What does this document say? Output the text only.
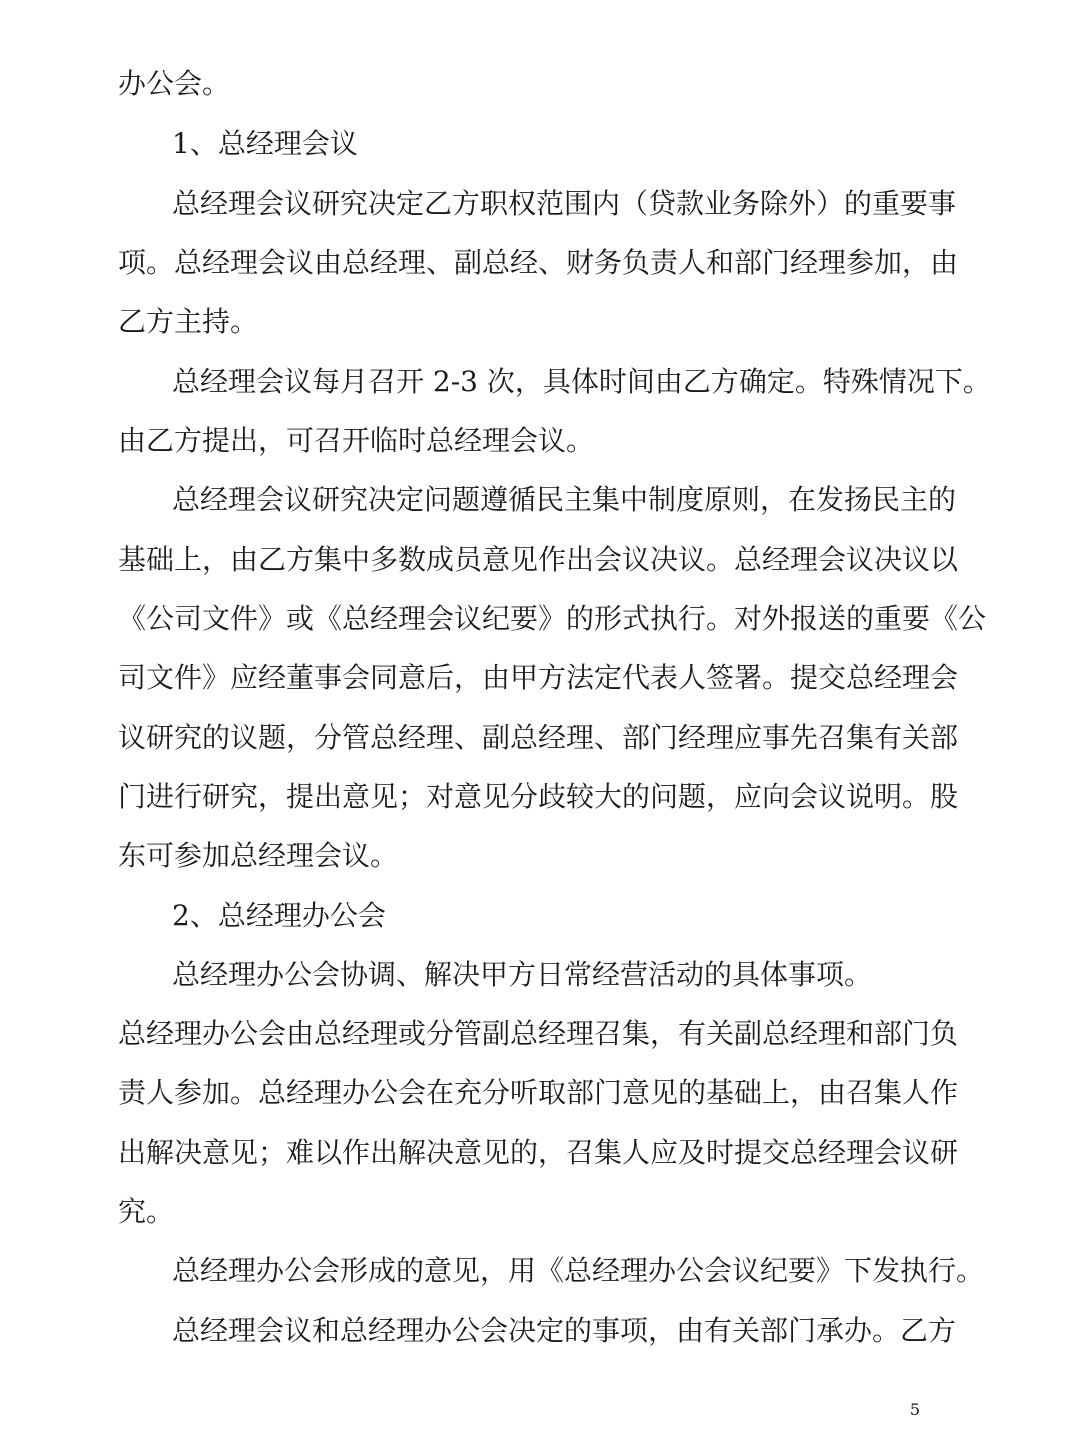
办公会。
1、总经理会议
总经理会议研究决定乙方职权范围内（贷款业务除外）的重要事
项。总经理会议由总经理、副总经、财务负责人和部门经理参加，由
乙方主持。
总经理会议每月召开 2-3 次，具体时间由乙方确定。特殊情况下。
由乙方提出，可召开临时总经理会议。
总经理会议研究决定问题遵循民主集中制度原则，在发扬民主的
基础上，由乙方集中多数成员意见作出会议决议。总经理会议决议以
《公司文件》或《总经理会议纪要》的形式执行。对外报送的重要《公
司文件》应经董事会同意后，由甲方法定代表人签署。提交总经理会
议研究的议题，分管总经理、副总经理、部门经理应事先召集有关部
门进行研究，提出意见；对意见分歧较大的问题，应向会议说明。股
东可参加总经理会议。
2、总经理办公会
总经理办公会协调、解决甲方日常经营活动的具体事项。
总经理办公会由总经理或分管副总经理召集，有关副总经理和部门负
责人参加。总经理办公会在充分听取部门意见的基础上，由召集人作
出解决意见；难以作出解决意见的，召集人应及时提交总经理会议研
究。
总经理办公会形成的意见，用《总经理办公会议纪要》下发执行。
总经理会议和总经理办公会决定的事项，由有关部门承办。乙方
5
